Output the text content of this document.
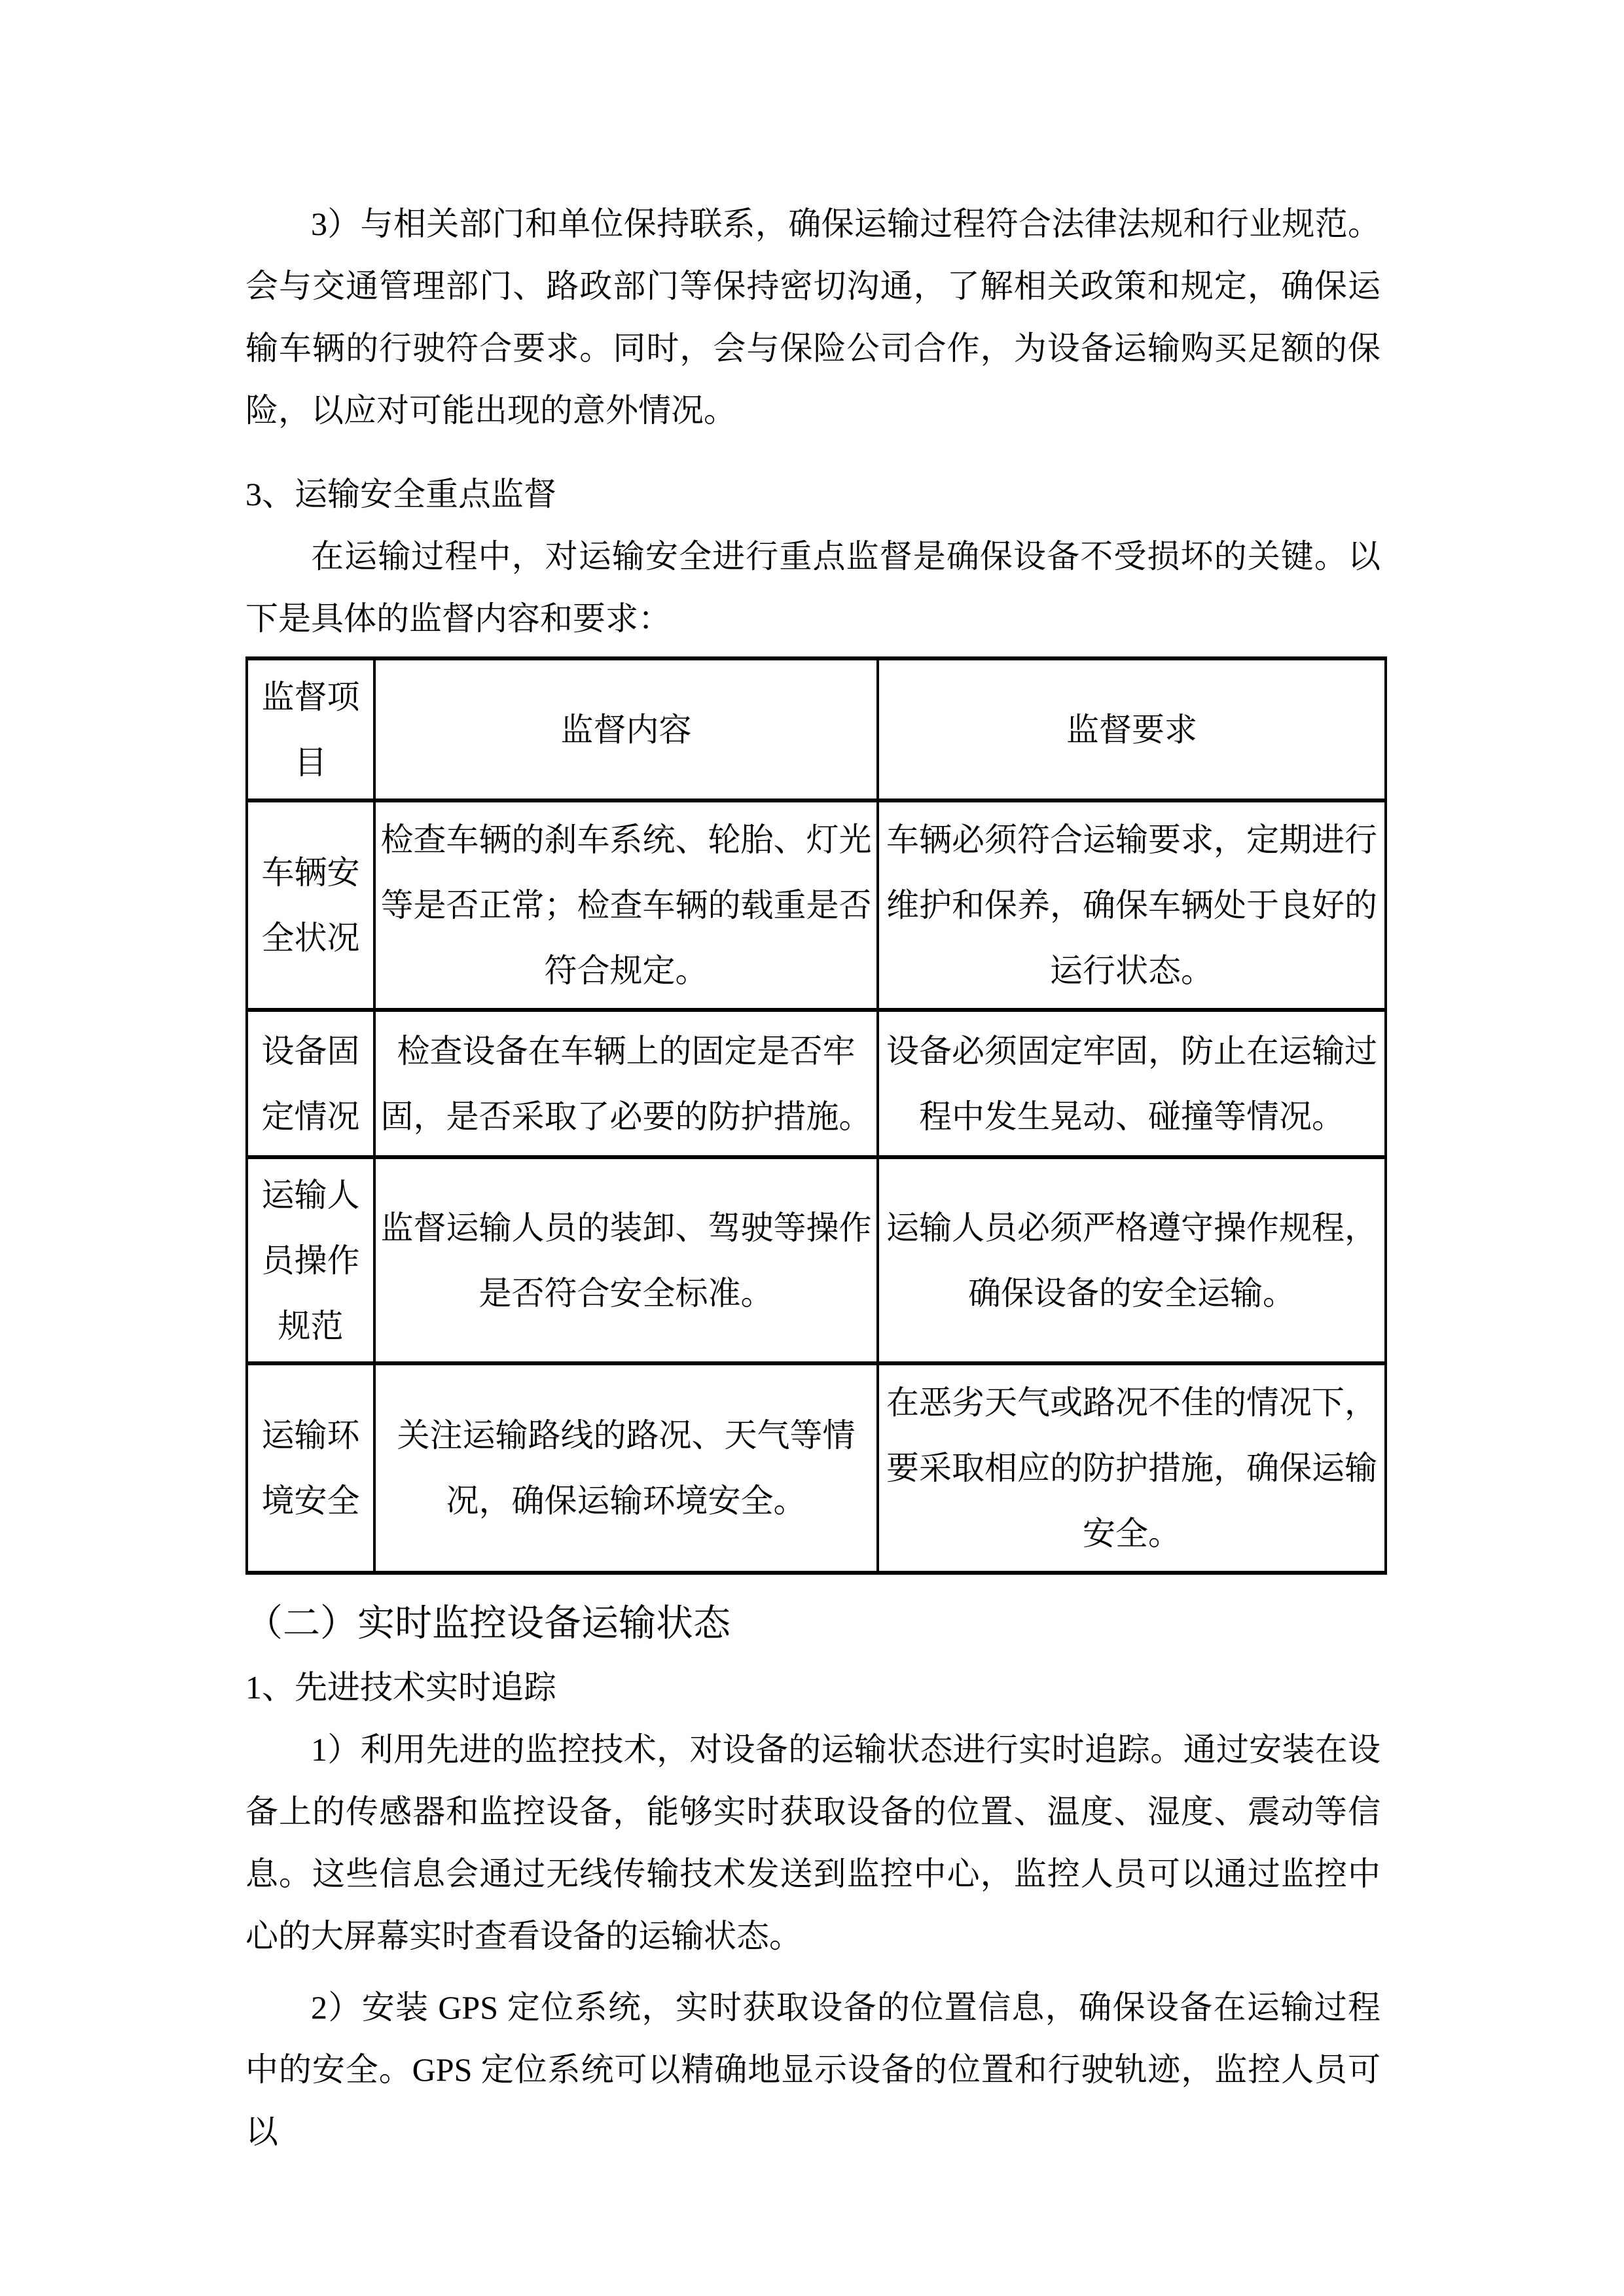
3）与相关部门和单位保持联系，确保运输过程符合法律法规和行业规范。会与交通管理部门、路政部门等保持密切沟通，了解相关政策和规定，确保运输车辆的行驶符合要求。同时，会与保险公司合作，为设备运输购买足额的保险，以应对可能出现的意外情况。

3、运输安全重点监督

在运输过程中，对运输安全进行重点监督是确保设备不受损坏的关键。以下是具体的监督内容和要求：

监督项目	监督内容	监督要求
车辆安全状况	检查车辆的刹车系统、轮胎、灯光等是否正常；检查车辆的载重是否符合规定。	车辆必须符合运输要求，定期进行维护和保养，确保车辆处于良好的运行状态。
设备固定情况	检查设备在车辆上的固定是否牢固，是否采取了必要的防护措施。	设备必须固定牢固，防止在运输过程中发生晃动、碰撞等情况。
运输人员操作规范	监督运输人员的装卸、驾驶等操作是否符合安全标准。	运输人员必须严格遵守操作规程，确保设备的安全运输。
运输环境安全	关注运输路线的路况、天气等情况，确保运输环境安全。	在恶劣天气或路况不佳的情况下，要采取相应的防护措施，确保运输安全。
（二）实时监控设备运输状态
1、先进技术实时追踪

1）利用先进的监控技术，对设备的运输状态进行实时追踪。通过安装在设备上的传感器和监控设备，能够实时获取设备的位置、温度、湿度、震动等信息。这些信息会通过无线传输技术发送到监控中心，监控人员可以通过监控中心的大屏幕实时查看设备的运输状态。

2）安装 GPS 定位系统，实时获取设备的位置信息，确保设备在运输过程中的安全。GPS 定位系统可以精确地显示设备的位置和行驶轨迹，监控人员可以
